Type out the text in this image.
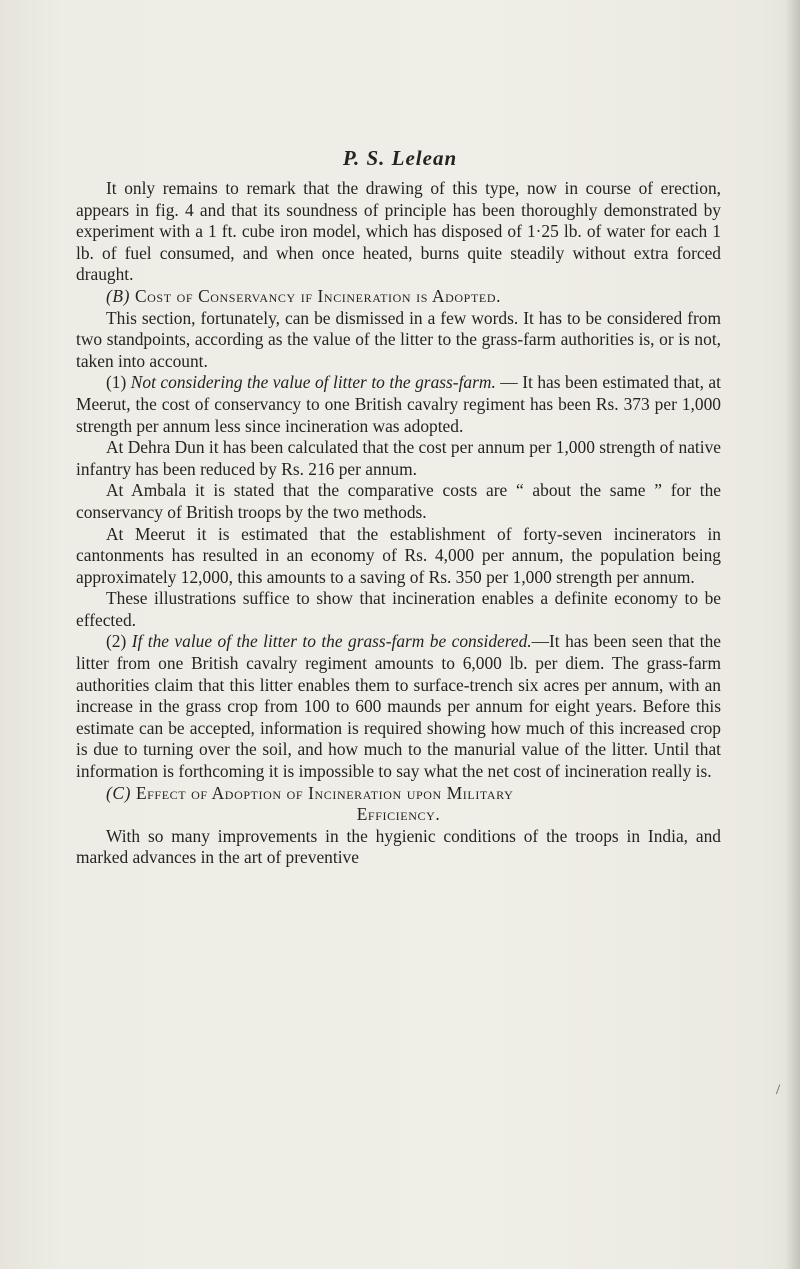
P. S. Lelean

It only remains to remark that the drawing of this type, now in course of erection, appears in fig. 4 and that its soundness of principle has been thoroughly demonstrated by experiment with a 1 ft. cube iron model, which has disposed of 1·25 lb. of water for each 1 lb. of fuel consumed, and when once heated, burns quite steadily without extra forced draught.

(B) Cost of Conservancy if Incineration is Adopted.

This section, fortunately, can be dismissed in a few words. It has to be considered from two standpoints, according as the value of the litter to the grass-farm authorities is, or is not, taken into account.

(1) Not considering the value of litter to the grass-farm. — It has been estimated that, at Meerut, the cost of conservancy to one British cavalry regiment has been Rs. 373 per 1,000 strength per annum less since incineration was adopted.

At Dehra Dun it has been calculated that the cost per annum per 1,000 strength of native infantry has been reduced by Rs. 216 per annum.

At Ambala it is stated that the comparative costs are “ about the same ” for the conservancy of British troops by the two methods.

At Meerut it is estimated that the establishment of forty-seven incinerators in cantonments has resulted in an economy of Rs. 4,000 per annum, the population being approximately 12,000, this amounts to a saving of Rs. 350 per 1,000 strength per annum.

These illustrations suffice to show that incineration enables a definite economy to be effected.

(2) If the value of the litter to the grass-farm be considered.—It has been seen that the litter from one British cavalry regiment amounts to 6,000 lb. per diem. The grass-farm authorities claim that this litter enables them to surface-trench six acres per annum, with an increase in the grass crop from 100 to 600 maunds per annum for eight years. Before this estimate can be accepted, information is required showing how much of this increased crop is due to turning over the soil, and how much to the manurial value of the litter. Until that information is forthcoming it is impossible to say what the net cost of incineration really is.

(C) Effect of Adoption of Incineration upon Military

Efficiency.

With so many improvements in the hygienic conditions of the troops in India, and marked advances in the art of preventive

/
